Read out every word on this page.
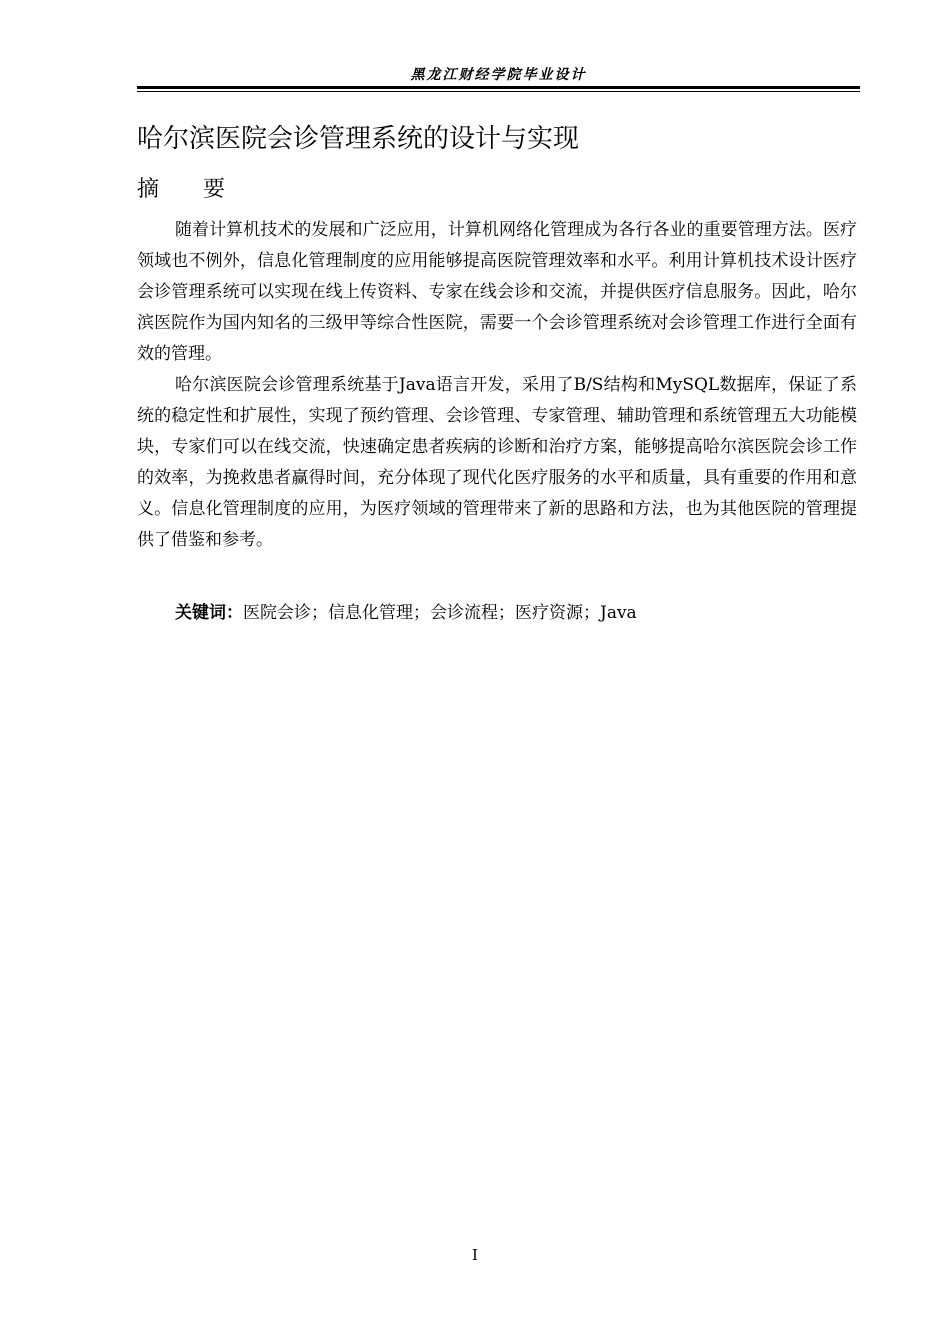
黑龙江财经学院毕业设计
哈尔滨医院会诊管理系统的设计与实现
摘要

随着计算机技术的发展和广泛应用，计算机网络化管理成为各行各业的重要管理方法。医疗领域也不例外，信息化管理制度的应用能够提高医院管理效率和水平。利用计算机技术设计医疗会诊管理系统可以实现在线上传资料、专家在线会诊和交流，并提供医疗信息服务。因此，哈尔滨医院作为国内知名的三级甲等综合性医院，需要一个会诊管理系统对会诊管理工作进行全面有效的管理。

哈尔滨医院会诊管理系统基于Java语言开发，采用了B/S结构和MySQL数据库，保证了系统的稳定性和扩展性，实现了预约管理、会诊管理、专家管理、辅助管理和系统管理五大功能模块，专家们可以在线交流，快速确定患者疾病的诊断和治疗方案，能够提高哈尔滨医院会诊工作的效率，为挽救患者赢得时间，充分体现了现代化医疗服务的水平和质量，具有重要的作用和意义。信息化管理制度的应用，为医疗领域的管理带来了新的思路和方法，也为其他医院的管理提供了借鉴和参考。

关键词：医院会诊；信息化管理；会诊流程；医疗资源；Java
I
